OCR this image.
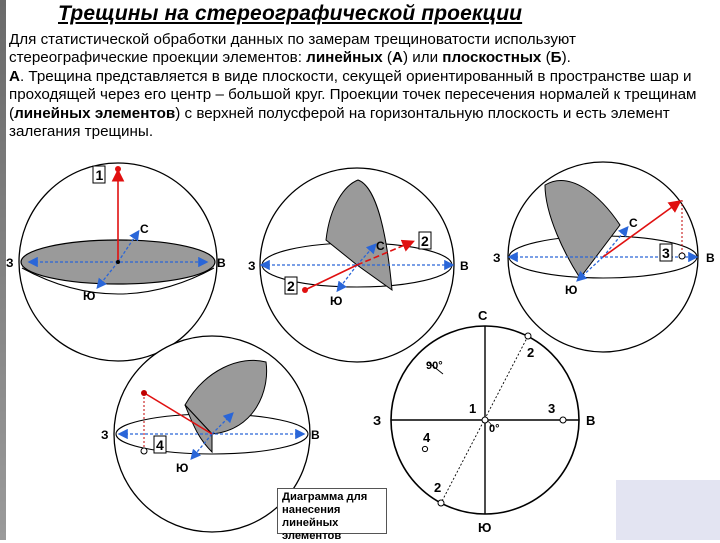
Трещины на стереографической проекции

Для статистической обработки данных по замерам трещиноватости используют стереографические проекции элементов: линейных (А) или плоскостных (Б).

А. Трещина представляется в виде плоскости, секущей ориентированный в пространстве шар и проходящей через его центр – большой круг. Проекции точек пересечения нормалей к трещинам (линейных элементов) с верхней полусферой на горизонтальную плоскость и есть элемент залегания трещины.

З	В
С
Ю
1
З	В
С
Ю
2
2
З	В
С
Ю
3
З	В
Ю
4
С
Ю
З	В
90°
0°
1
2
2
3
4
Диаграмма для нанесения линейных элементов
